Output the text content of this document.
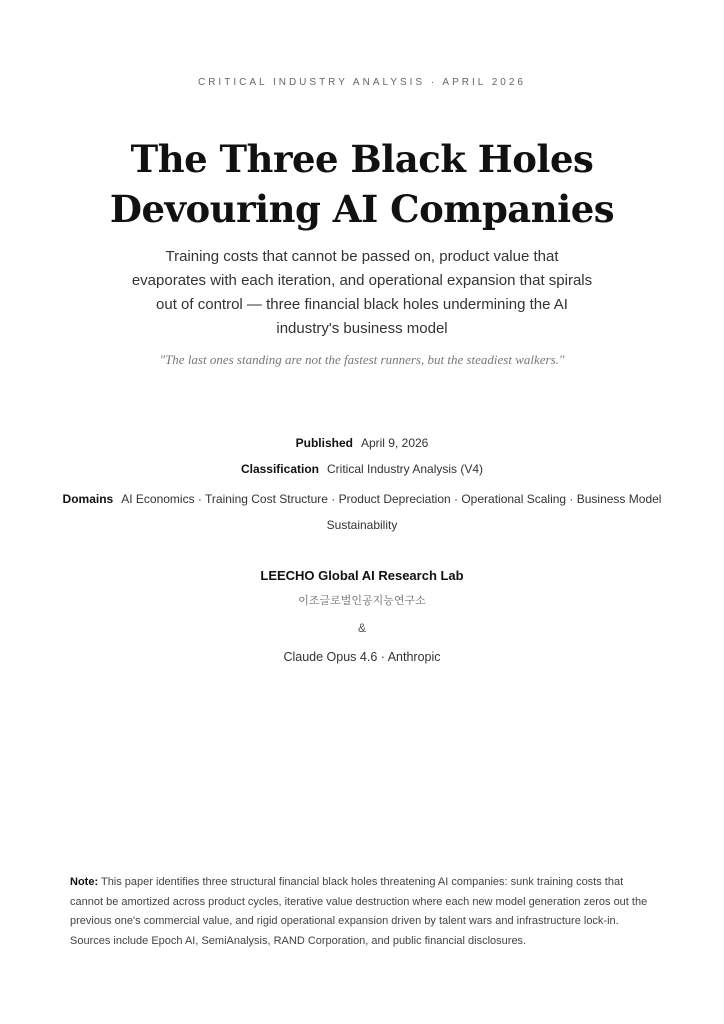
CRITICAL INDUSTRY ANALYSIS · APRIL 2026
The Three Black Holes
Devouring AI Companies

Training costs that cannot be passed on, product value that evaporates with each iteration, and operational expansion that spirals out of control — three financial black holes undermining the AI industry's business model

"The last ones standing are not the fastest runners, but the steadiest walkers."

Published April 9, 2026
Classification Critical Industry Analysis (V4)
Domains AI Economics · Training Cost Structure · Product Depreciation · Operational Scaling · Business Model Sustainability
LEECHO Global AI Research Lab
이조글로벌인공지능연구소
&
Claude Opus 4.6 · Anthropic

Note: This paper identifies three structural financial black holes threatening AI companies: sunk training costs that cannot be amortized across product cycles, iterative value destruction where each new model generation zeros out the previous one's commercial value, and rigid operational expansion driven by talent wars and infrastructure lock-in. Sources include Epoch AI, SemiAnalysis, RAND Corporation, and public financial disclosures.
